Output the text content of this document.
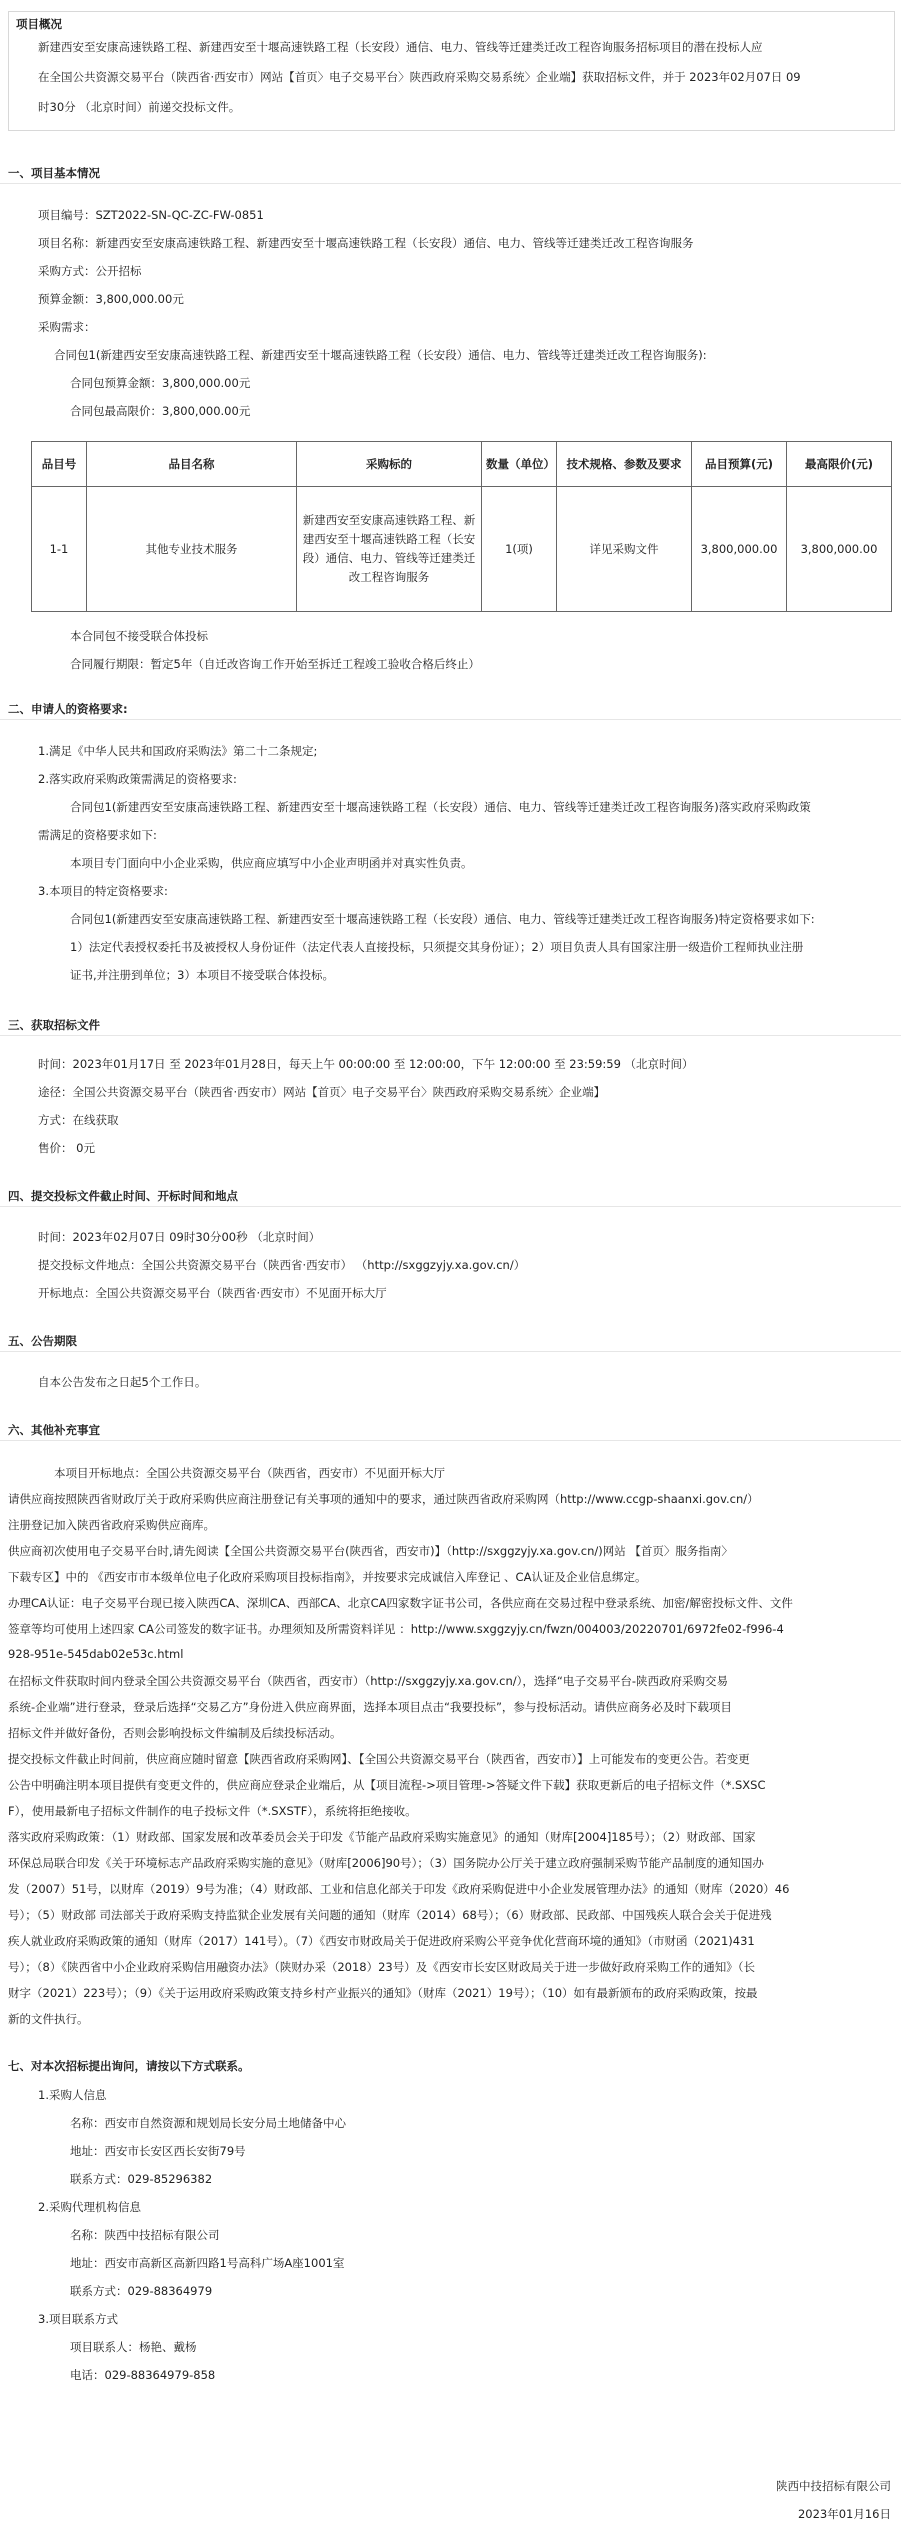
项目概况
新建西安至安康高速铁路工程、新建西安至十堰高速铁路工程（长安段）通信、电力、管线等迁建类迁改工程咨询服务招标项目的潜在投标人应
在全国公共资源交易平台（陕西省·西安市）网站【首页〉电子交易平台〉陕西政府采购交易系统〉企业端】获取招标文件，并于 2023年02月07日 09
时30分 （北京时间）前递交投标文件。
一、项目基本情况
项目编号：SZT2022-SN-QC-ZC-FW-0851
项目名称：新建西安至安康高速铁路工程、新建西安至十堰高速铁路工程（长安段）通信、电力、管线等迁建类迁改工程咨询服务
采购方式：公开招标
预算金额：3,800,000.00元
采购需求：
合同包1(新建西安至安康高速铁路工程、新建西安至十堰高速铁路工程（长安段）通信、电力、管线等迁建类迁改工程咨询服务):
合同包预算金额：3,800,000.00元
合同包最高限价：3,800,000.00元
品目号	品目名称	采购标的	数量（单位）	技术规格、参数及要求	品目预算(元)	最高限价(元)
1-1	其他专业技术服务	新建西安至安康高速铁路工程、新建西安至十堰高速铁路工程（长安段）通信、电力、管线等迁建类迁改工程咨询服务	1(项)	详见采购文件	3,800,000.00	3,800,000.00
本合同包不接受联合体投标
合同履行期限：暂定5年（自迁改咨询工作开始至拆迁工程竣工验收合格后终止）
二、申请人的资格要求:
1.满足《中华人民共和国政府采购法》第二十二条规定;
2.落实政府采购政策需满足的资格要求:
合同包1(新建西安至安康高速铁路工程、新建西安至十堰高速铁路工程（长安段）通信、电力、管线等迁建类迁改工程咨询服务)落实政府采购政策
需满足的资格要求如下:
本项目专门面向中小企业采购，供应商应填写中小企业声明函并对真实性负责。
3.本项目的特定资格要求:
合同包1(新建西安至安康高速铁路工程、新建西安至十堰高速铁路工程（长安段）通信、电力、管线等迁建类迁改工程咨询服务)特定资格要求如下:
1）法定代表授权委托书及被授权人身份证件（法定代表人直接投标，只须提交其身份证）；2）项目负责人具有国家注册一级造价工程师执业注册
证书,并注册到单位；3）本项目不接受联合体投标。
三、获取招标文件
时间：2023年01月17日 至 2023年01月28日，每天上午 00:00:00 至 12:00:00，下午 12:00:00 至 23:59:59 （北京时间）
途径：全国公共资源交易平台（陕西省·西安市）网站【首页〉电子交易平台〉陕西政府采购交易系统〉企业端】
方式：在线获取
售价： 0元
四、提交投标文件截止时间、开标时间和地点
时间：2023年02月07日 09时30分00秒 （北京时间）
提交投标文件地点：全国公共资源交易平台（陕西省·西安市） （http://sxggzyjy.xa.gov.cn/）
开标地点：全国公共资源交易平台（陕西省·西安市）不见面开标大厅
五、公告期限
自本公告发布之日起5个工作日。
六、其他补充事宜
本项目开标地点：全国公共资源交易平台（陕西省，西安市）不见面开标大厅
请供应商按照陕西省财政厅关于政府采购供应商注册登记有关事项的通知中的要求，通过陕西省政府采购网（http://www.ccgp-shaanxi.gov.cn/）
注册登记加入陕西省政府采购供应商库。
供应商初次使用电子交易平台时,请先阅读【全国公共资源交易平台(陕西省，西安市)】（http://sxggzyjy.xa.gov.cn/)网站 【首页〉服务指南〉
下载专区】中的 《西安市市本级单位电子化政府采购项目投标指南》，并按要求完成诚信入库登记 、CA认证及企业信息绑定。
办理CA认证：电子交易平台现已接入陕西CA、深圳CA、西部CA、北京CA四家数字证书公司，各供应商在交易过程中登录系统、加密/解密投标文件、文件
签章等均可使用上述四家 CA公司签发的数字证书。办理须知及所需资料详见 ：http://www.sxggzyjy.cn/fwzn/004003/20220701/6972fe02-f996-4
928-951e-545dab02e53c.html
在招标文件获取时间内登录全国公共资源交易平台（陕西省，西安市）（http://sxggzyjy.xa.gov.cn/），选择“电子交易平台-陕西政府采购交易
系统-企业端”进行登录，登录后选择“交易乙方”身份进入供应商界面，选择本项目点击“我要投标”，参与投标活动。请供应商务必及时下载项目
招标文件并做好备份，否则会影响投标文件编制及后续投标活动。
提交投标文件截止时间前，供应商应随时留意【陕西省政府采购网】、【全国公共资源交易平台（陕西省，西安市）】上可能发布的变更公告。若变更
公告中明确注明本项目提供有变更文件的，供应商应登录企业端后，从【项目流程->项目管理->答疑文件下载】获取更新后的电子招标文件（*.SXSC
F），使用最新电子招标文件制作的电子投标文件（*.SXSTF），系统将拒绝接收。
落实政府采购政策：（1）财政部、国家发展和改革委员会关于印发《节能产品政府采购实施意见》的通知（财库[2004]185号）；（2）财政部、国家
环保总局联合印发《关于环境标志产品政府采购实施的意见》（财库[2006]90号）；（3）国务院办公厅关于建立政府强制采购节能产品制度的通知国办
发（2007）51号，以财库（2019）9号为准；（4）财政部、工业和信息化部关于印发《政府采购促进中小企业发展管理办法》的通知（财库（2020）46
号）；（5）财政部 司法部关于政府采购支持监狱企业发展有关问题的通知（财库（2014）68号）；（6）财政部、民政部、中国残疾人联合会关于促进残
疾人就业政府采购政策的通知（财库（2017）141号）。（7）《西安市财政局关于促进政府采购公平竞争优化营商环境的通知》（市财函（2021)431
号）；（8）《陕西省中小企业政府采购信用融资办法》（陕财办采（2018）23号）及《西安市长安区财政局关于进一步做好政府采购工作的通知》（长
财字（2021）223号）；（9）《关于运用政府采购政策支持乡村产业振兴的通知》（财库（2021）19号）；（10）如有最新颁布的政府采购政策，按最
新的文件执行。
七、对本次招标提出询问，请按以下方式联系。
1.采购人信息
名称：西安市自然资源和规划局长安分局土地储备中心
地址：西安市长安区西长安街79号
联系方式：029-85296382
2.采购代理机构信息
名称：陕西中技招标有限公司
地址：西安市高新区高新四路1号高科广场A座1001室
联系方式：029-88364979
3.项目联系方式
项目联系人：杨艳、戴杨
电话：029-88364979-858
陕西中技招标有限公司
2023年01月16日
